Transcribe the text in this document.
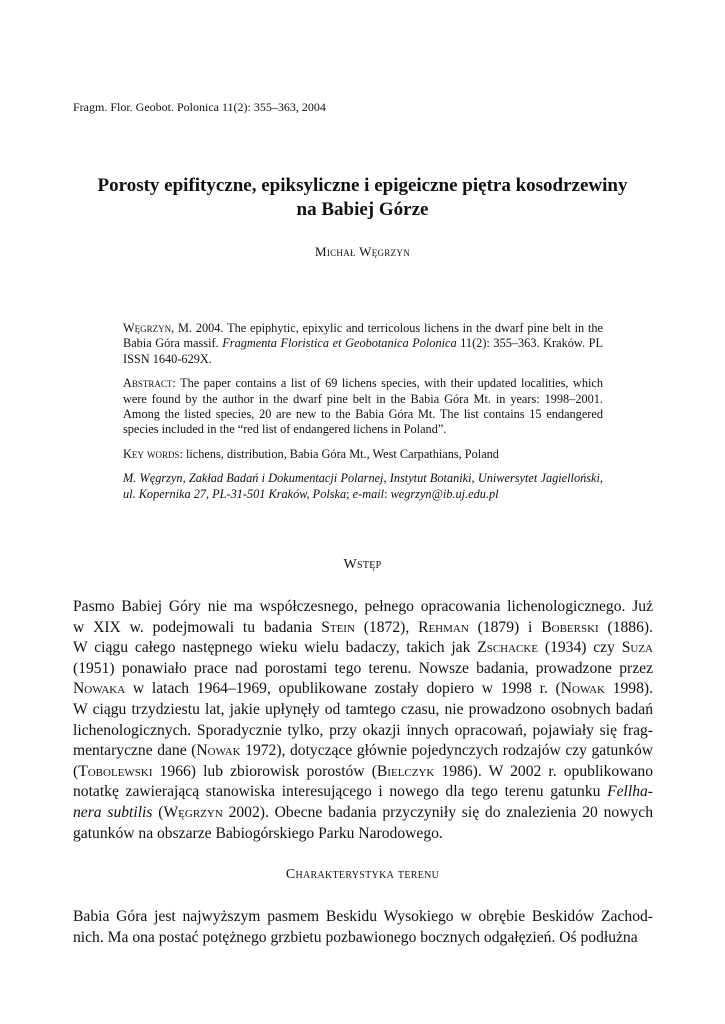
Fragm. Flor. Geobot. Polonica 11(2): 355–363, 2004
Porosty epifityczne, epiksyliczne i epigeiczne piętra kosodrzewiny
na Babiej Górze
Michał Węgrzyn

Węgrzyn, M. 2004. The epiphytic, epixylic and terricolous lichens in the dwarf pine belt in the Babia Góra massif. Fragmenta Floristica et Geobotanica Polonica 11(2): 355–363. Kraków. PL ISSN 1640-629X.

Abstract: The paper contains a list of 69 lichens species, with their updated localities, which were found by the author in the dwarf pine belt in the Babia Góra Mt. in years: 1998–2001. Among the listed species, 20 are new to the Babia Góra Mt. The list contains 15 endangered species included in the “red list of endangered lichens in Poland”.

Key words: lichens, distribution, Babia Góra Mt., West Carpathians, Poland

M. Węgrzyn, Zakład Badań i Dokumentacji Polarnej, Instytut Botaniki, Uniwersytet Jagielloński, ul. Kopernika 27, PL-31-501 Kraków, Polska; e-mail: wegrzyn@ib.uj.edu.pl

Wstęp
Pasmo Babiej Góry nie ma współczesnego, pełnego opracowania lichenologicznego. Już
w XIX w. podejmowali tu badania Stein (1872), Rehman (1879) i Boberski (1886).
W ciągu całego następnego wieku wielu badaczy, takich jak Zschacke (1934) czy Suza
(1951) ponawiało prace nad porostami tego terenu. Nowsze badania, prowadzone przez
Nowaka w latach 1964–1969, opublikowane zostały dopiero w 1998 r. (Nowak 1998).
W ciągu trzydziestu lat, jakie upłynęły od tamtego czasu, nie prowadzono osobnych badań
lichenologicznych. Sporadycznie tylko, przy okazji innych opracowań, pojawiały się frag-
mentaryczne dane (Nowak 1972), dotyczące głównie pojedynczych rodzajów czy gatunków
(Tobolewski 1966) lub zbiorowisk porostów (Bielczyk 1986). W 2002 r. opublikowano
notatkę zawierającą stanowiska interesującego i nowego dla tego terenu gatunku Fellha-
nera subtilis (Węgrzyn 2002). Obecne badania przyczyniły się do znalezienia 20 nowych
gatunków na obszarze Babiogórskiego Parku Narodowego.
Charakterystyka terenu
Babia Góra jest najwyższym pasmem Beskidu Wysokiego w obrębie Beskidów Zachod-
nich. Ma ona postać potężnego grzbietu pozbawionego bocznych odgałęzień. Oś podłużna
